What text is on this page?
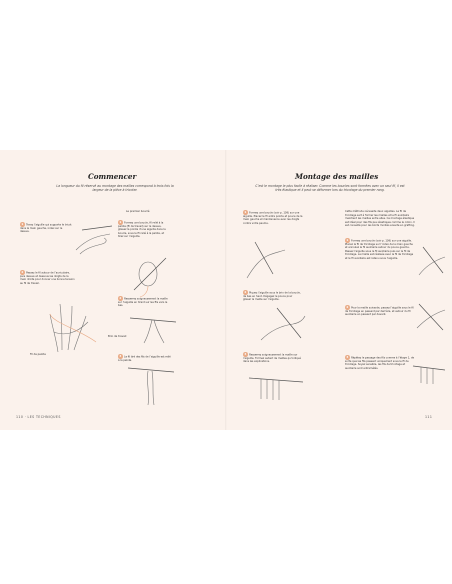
Commencer
La longueur du fil réservé au montage des mailles correspond à trois fois la largeur de la pièce à tricoter.
Le premier bouclé
1 Tenez l’aiguille qui supporte le tricot dans la main gauche, index sur le dessus.
2 Passez le fil autour de l’auriculaire, puis dessus et dessous les doigts de la main droite pour donner une bonne tension au fil de travail.
Brin de travail
Fil de pelote
1 Formez une boucle, fil relié à la pelote (fil de travail) sur le dessus, glissez la pointe d’une aiguille dans la boucle, sous le fil relié à la pelote, et tirez sur l’aiguille.
2 Resserrez soigneusement la maille sur l’aiguille en tirant sur les fils vers le bas.
3 Le fil tiré des fils de l’aiguille est relié à la pelote.
110 · LES TECHNIQUES
Montage des mailles
C’est le montage le plus facile à réaliser. Comme les boucles sont formées avec un seul fil, il est très élastique et il peut se déformer lors du tricotage du premier rang.
1 Formez une boucle (voir p. 109) sur une aiguille. Placez le fil entre pointe et pouce de la main gauche et maintenez-le avec les doigts contre votre paume.
2 Piquez l’aiguille sous le brin de la boucle, de bas en haut. Dégagez le pouce pour glisser la maille sur l’aiguille.
3 Resserrez soigneusement la maille sur l’aiguille. Formez autant de mailles qu’indiqué dans les explications.
Cette méthode nécessite deux aiguilles. Le fil de tricotage sert à former les mailles et le fil auxiliaire maintient les mailles entre elles. Ce montage élastique est idéal pour des fils peu élastiques comme le coton. Il est conseillé pour les bords montés ensuite en grafting.
1 Formez une boucle (voir p. 109) sur une aiguille. Placez le fil de tricotage sur l’index de la main gauche et enroulez le fil auxiliaire autour du pouce gauche. Passez l’aiguille sous le fil auxiliaire puis sur le fil de tricotage. La maille est réalisée avec le fil de tricotage et le fil auxiliaire est retenu sous l’aiguille.
2 Pour la maille suivante, passez l’aiguille sous le fil de tricotage en passant par derrière, et autour du fil auxiliaire en passant par devant.
3 Répétez le passage des fils comme à l’étape 1, de sorte que les fils passent uniquement sous le fil de tricotage. Soyez sensible, les fils de tricotage et auxiliaire sont entremêlés.
111
